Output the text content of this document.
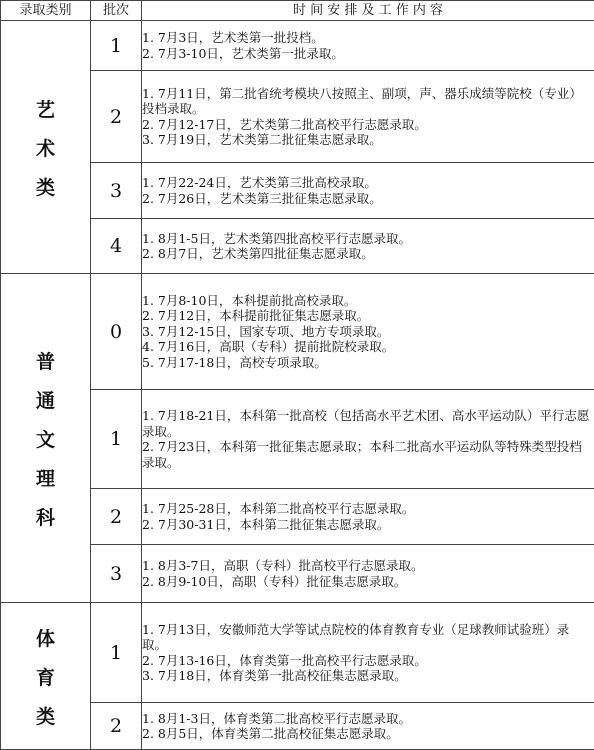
录取类别	批次	时 间 安 排 及 工 作 内 容

艺
术
类	1	1. 7月3日，艺术类第一批投档。
2. 7月3-10日，艺术类第一批录取。

	2	1. 7月11日，第二批省统考模块八按照主、副项，声、器乐成绩等院校（专业）投档录取。
2. 7月12-17日，艺术类第二批高校平行志愿录取。
3. 7月19日，艺术类第二批征集志愿录取。

	3	1. 7月22-24日，艺术类第三批高校录取。
2. 7月26日，艺术类第三批征集志愿录取。

	4	1. 8月1-5日，艺术类第四批高校平行志愿录取。
2. 8月7日，艺术类第四批征集志愿录取。

普
通
文
理
科	0	1. 7月8-10日，本科提前批高校录取。
2. 7月12日，本科提前批征集志愿录取。
3. 7月12-15日，国家专项、地方专项录取。
4. 7月16日，高职（专科）提前批院校录取。
5. 7月17-18日，高校专项录取。

	1	1. 7月18-21日，本科第一批高校（包括高水平艺术团、高水平运动队）平行志愿录取。
2. 7月23日，本科第一批征集志愿录取；本科二批高水平运动队等特殊类型投档录取。

	2	1. 7月25-28日，本科第二批高校平行志愿录取。
2. 7月30-31日，本科第二批征集志愿录取。

	3	1. 8月3-7日，高职（专科）批高校平行志愿录取。
2. 8月9-10日，高职（专科）批征集志愿录取。

体
育
类	1	1. 7月13日，安徽师范大学等试点院校的体育教育专业（足球教师试验班）录取。
2. 7月13-16日，体育类第一批高校平行志愿录取。
3. 7月18日，体育类第一批高校征集志愿录取。

	2	1. 8月1-3日，体育类第二批高校平行志愿录取。
2. 8月5日，体育类第二批高校征集志愿录取。
